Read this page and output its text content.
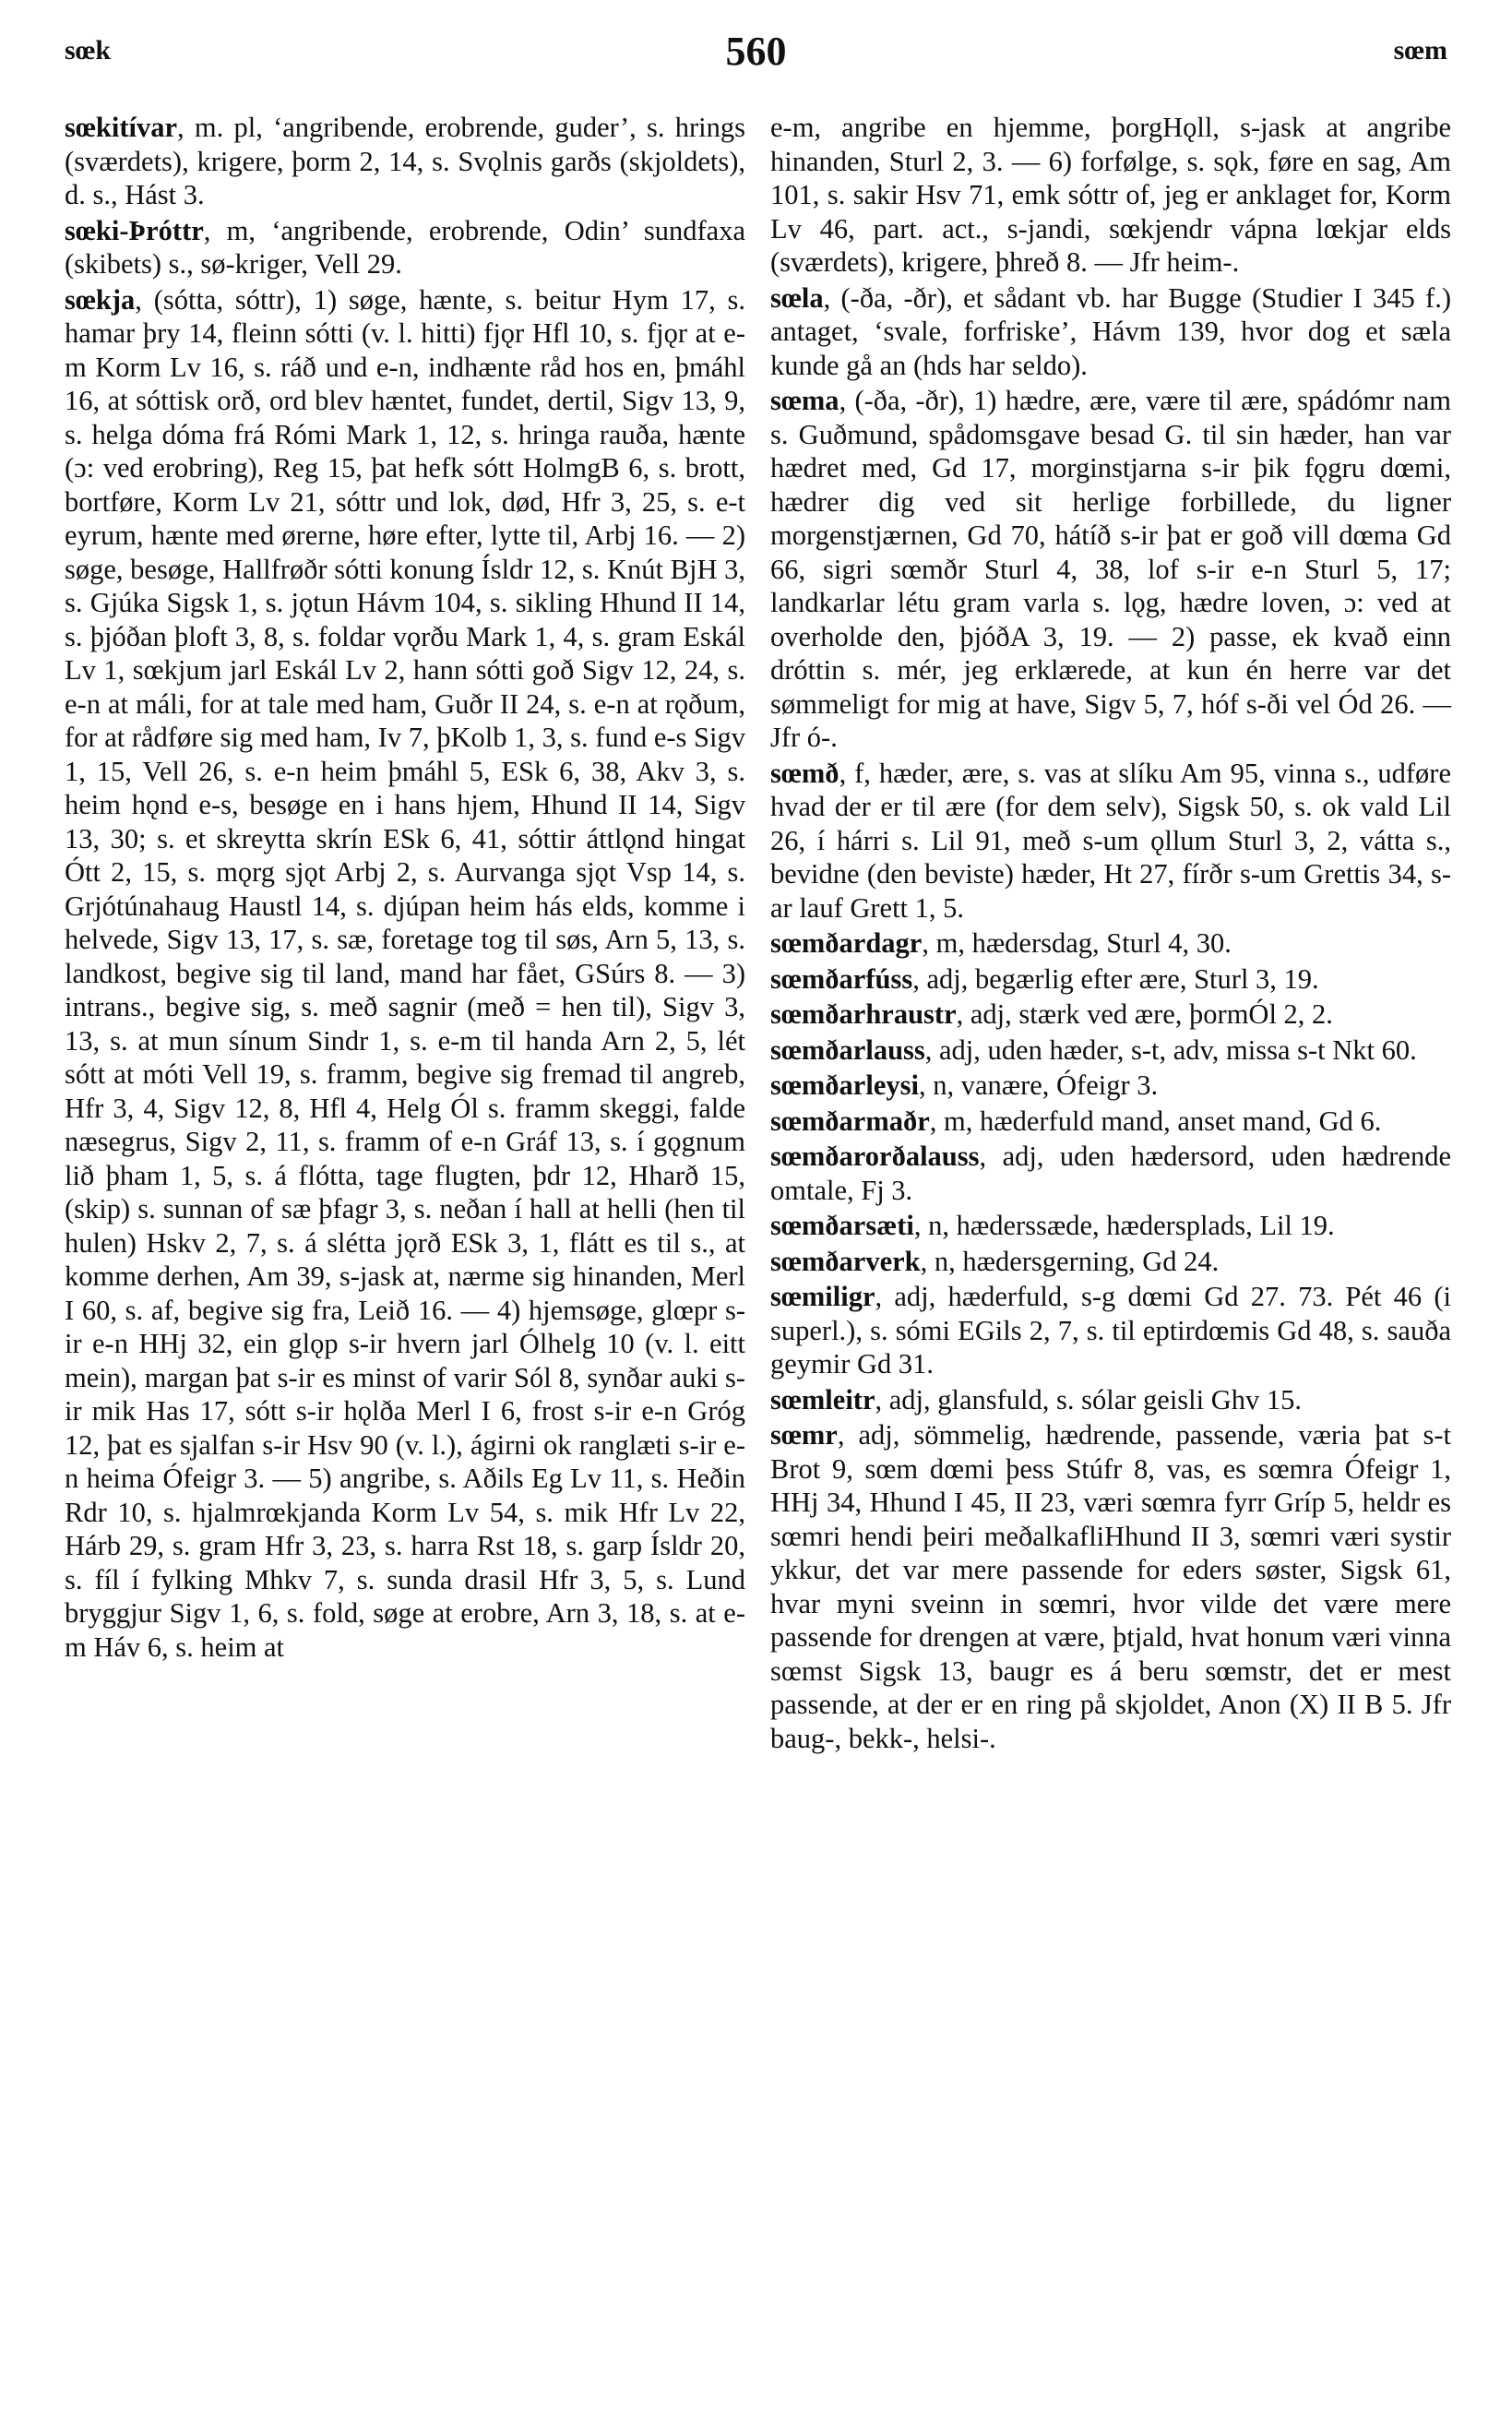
sœk	560	sœm

sœkitívar, m. pl, ‘angribende, erobrende, guder’, s. hrings (sværdets), krigere, þorm 2, 14, s. Svǫlnis garðs (skjoldets), d. s., Hást 3.

sœki-Þróttr, m, ‘angribende, erobrende, Odin’ sundfaxa (skibets) s., sø-kriger, Vell 29.

sœkja, (sótta, sóttr), 1) søge, hænte, s. beitur Hym 17, s. hamar þry 14, fleinn sótti (v. l. hitti) fjǫr Hfl 10, s. fjǫr at e-m Korm Lv 16, s. ráð und e-n, indhænte råd hos en, þmáhl 16, at sóttisk orð, ord blev hæntet, fundet, dertil, Sigv 13, 9, s. helga dóma frá Rómi Mark 1, 12, s. hringa rauða, hænte (ɔ: ved erobring), Reg 15, þat hefk sótt HolmgB 6, s. brott, bortføre, Korm Lv 21, sóttr und lok, død, Hfr 3, 25, s. e-t eyrum, hænte med ørerne, høre efter, lytte til, Arbj 16. — 2) søge, besøge, Hallfrøðr sótti konung Ísldr 12, s. Knút BjH 3, s. Gjúka Sigsk 1, s. jǫtun Hávm 104, s. sikling Hhund II 14, s. þjóðan þloft 3, 8, s. foldar vǫrðu Mark 1, 4, s. gram Eskál Lv 1, sœkjum jarl Eskál Lv 2, hann sótti goð Sigv 12, 24, s. e-n at máli, for at tale med ham, Guðr II 24, s. e-n at rǫðum, for at rådføre sig med ham, Iv 7, þKolb 1, 3, s. fund e-s Sigv 1, 15, Vell 26, s. e-n heim þmáhl 5, ESk 6, 38, Akv 3, s. heim hǫnd e-s, besøge en i hans hjem, Hhund II 14, Sigv 13, 30; s. et skreytta skrín ESk 6, 41, sóttir áttlǫnd hingat Ótt 2, 15, s. mǫrg sjǫt Arbj 2, s. Aurvanga sjǫt Vsp 14, s. Grjótúnahaug Haustl 14, s. djúpan heim hás elds, komme i helvede, Sigv 13, 17, s. sæ, foretage tog til søs, Arn 5, 13, s. landkost, begive sig til land, mand har fået, GSúrs 8. — 3) intrans., begive sig, s. með sagnir (með = hen til), Sigv 3, 13, s. at mun sínum Sindr 1, s. e-m til handa Arn 2, 5, lét sótt at móti Vell 19, s. framm, begive sig fremad til angreb, Hfr 3, 4, Sigv 12, 8, Hfl 4, Helg Ól s. framm skeggi, falde næsegrus, Sigv 2, 11, s. framm of e-n Gráf 13, s. í gǫgnum lið þham 1, 5, s. á flótta, tage flugten, þdr 12, Hharð 15, (skip) s. sunnan of sæ þfagr 3, s. neðan í hall at helli (hen til hulen) Hskv 2, 7, s. á slétta jǫrð ESk 3, 1, flátt es til s., at komme derhen, Am 39, s-jask at, nærme sig hinanden, Merl I 60, s. af, begive sig fra, Leið 16. — 4) hjemsøge, glœpr s-ir e-n HHj 32, ein glǫp s-ir hvern jarl Ólhelg 10 (v. l. eitt mein), margan þat s-ir es minst of varir Sól 8, synðar auki s-ir mik Has 17, sótt s-ir hǫlða Merl I 6, frost s-ir e-n Gróg 12, þat es sjalfan s-ir Hsv 90 (v. l.), ágirni ok ranglæti s-ir e-n heima Ófeigr 3. — 5) angribe, s. Aðils Eg Lv 11, s. Heðin Rdr 10, s. hjalmrœkjanda Korm Lv 54, s. mik Hfr Lv 22, Hárb 29, s. gram Hfr 3, 23, s. harra Rst 18, s. garp Ísldr 20, s. fíl í fylking Mhkv 7, s. sunda drasil Hfr 3, 5, s. Lund bryggjur Sigv 1, 6, s. fold, søge at erobre, Arn 3, 18, s. at e-m Háv 6, s. heim at

e-m, angribe en hjemme, þorgHǫll, s-jask at angribe hinanden, Sturl 2, 3. — 6) forfølge, s. sǫk, føre en sag, Am 101, s. sakir Hsv 71, emk sóttr of, jeg er anklaget for, Korm Lv 46, part. act., s-jandi, sœkjendr vápna lœkjar elds (sværdets), krigere, þhreð 8. — Jfr heim-.

sœla, (-ða, -ðr), et sådant vb. har Bugge (Studier I 345 f.) antaget, ‘svale, forfriske’, Hávm 139, hvor dog et sæla kunde gå an (hds har seldo).

sœma, (-ða, -ðr), 1) hædre, ære, være til ære, spádómr nam s. Guðmund, spådomsgave besad G. til sin hæder, han var hædret med, Gd 17, morginstjarna s-ir þik fǫgru dœmi, hædrer dig ved sit herlige forbillede, du ligner morgenstjærnen, Gd 70, hátíð s-ir þat er goð vill dœma Gd 66, sigri sœmðr Sturl 4, 38, lof s-ir e-n Sturl 5, 17; landkarlar létu gram varla s. lǫg, hædre loven, ɔ: ved at overholde den, þjóðA 3, 19. — 2) passe, ek kvað einn dróttin s. mér, jeg erklærede, at kun én herre var det sømmeligt for mig at have, Sigv 5, 7, hóf s-ði vel Ód 26. — Jfr ó-.

sœmð, f, hæder, ære, s. vas at slíku Am 95, vinna s., udføre hvad der er til ære (for dem selv), Sigsk 50, s. ok vald Lil 26, í hárri s. Lil 91, með s-um ǫllum Sturl 3, 2, vátta s., bevidne (den beviste) hæder, Ht 27, fírðr s-um Grettis 34, s-ar lauf Grett 1, 5.

sœmðardagr, m, hædersdag, Sturl 4, 30.

sœmðarfúss, adj, begærlig efter ære, Sturl 3, 19.

sœmðarhraustr, adj, stærk ved ære, þormÓl 2, 2.

sœmðarlauss, adj, uden hæder, s-t, adv, missa s-t Nkt 60.

sœmðarleysi, n, vanære, Ófeigr 3.

sœmðarmaðr, m, hæderfuld mand, anset mand, Gd 6.

sœmðarorðalauss, adj, uden hædersord, uden hædrende omtale, Fj 3.

sœmðarsæti, n, hæderssæde, hædersplads, Lil 19.

sœmðarverk, n, hædersgerning, Gd 24.

sœmiligr, adj, hæderfuld, s-g dœmi Gd 27. 73. Pét 46 (i superl.), s. sómi EGils 2, 7, s. til eptirdœmis Gd 48, s. sauða geymir Gd 31.

sœmleitr, adj, glansfuld, s. sólar geisli Ghv 15.

sœmr, adj, sömmelig, hædrende, passende, væria þat s-t Brot 9, sœm dœmi þess Stúfr 8, vas, es sœmra Ófeigr 1, HHj 34, Hhund I 45, II 23, væri sœmra fyrr Gríp 5, heldr es sœmri hendi þeiri meðalkafliHhund II 3, sœmri væri systir ykkur, det var mere passende for eders søster, Sigsk 61, hvar myni sveinn in sœmri, hvor vilde det være mere passende for drengen at være, þtjald, hvat honum væri vinna sœmst Sigsk 13, baugr es á beru sœmstr, det er mest passende, at der er en ring på skjoldet, Anon (X) II B 5. Jfr baug-, bekk-, helsi-.
